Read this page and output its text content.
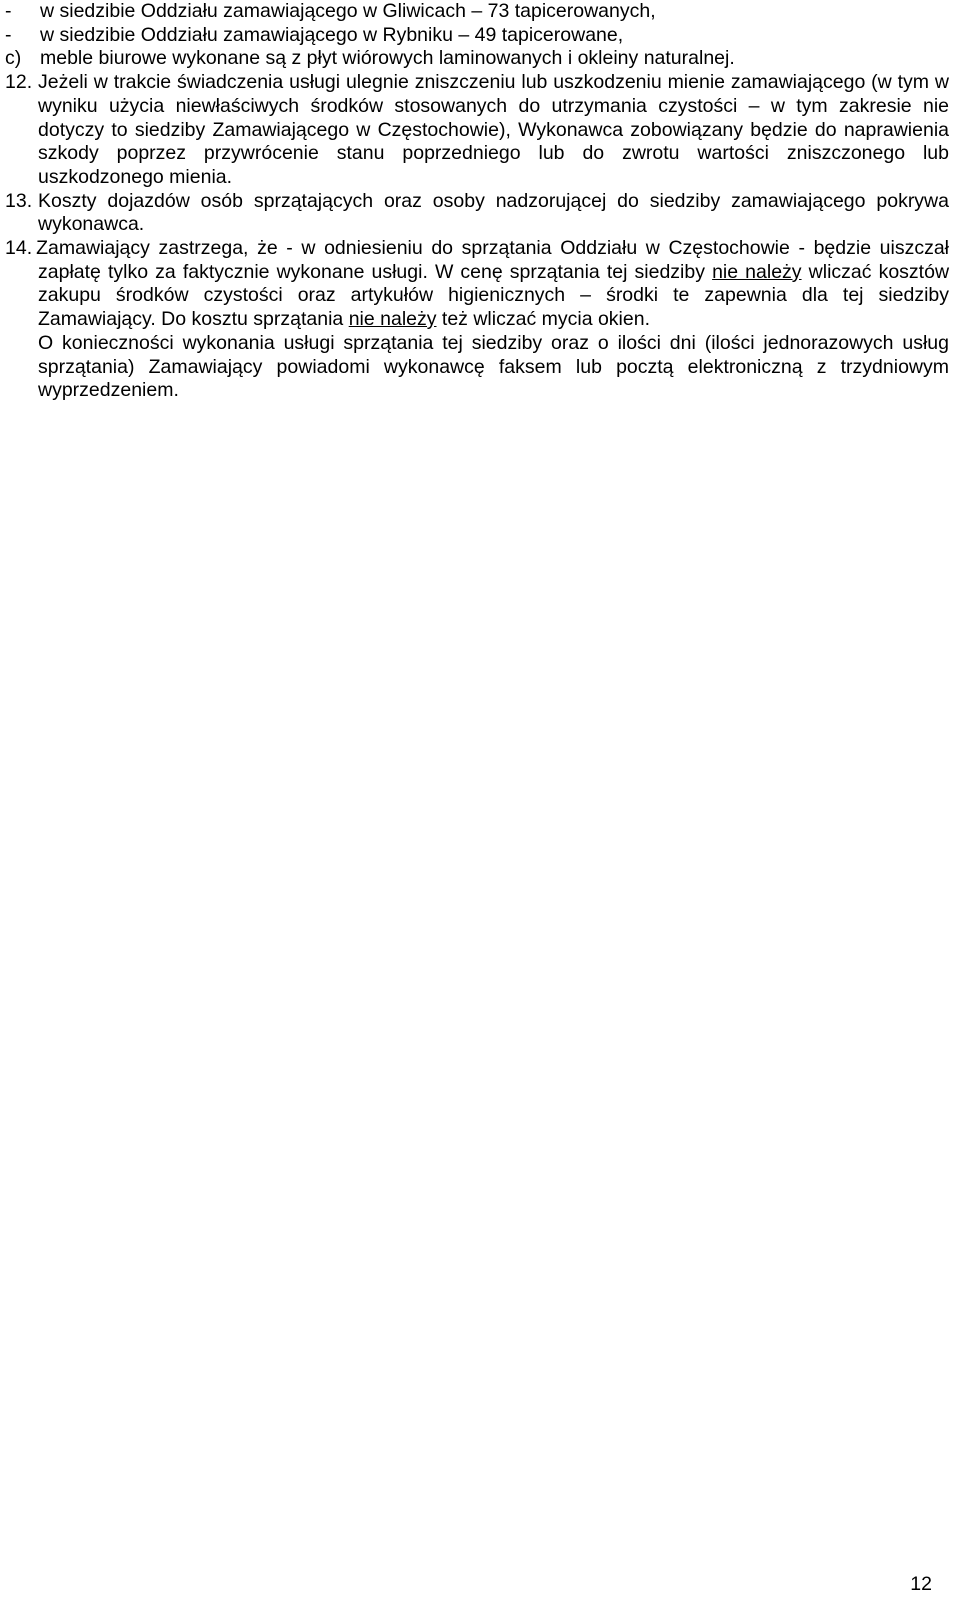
- w siedzibie Oddziału zamawiającego w Gliwicach – 73 tapicerowanych,
- w siedzibie Oddziału zamawiającego w Rybniku – 49 tapicerowane,
c) meble biurowe wykonane są z płyt wiórowych laminowanych i okleiny naturalnej.

12. Jeżeli w trakcie świadczenia usługi ulegnie zniszczeniu lub uszkodzeniu mienie zamawiającego (w tym w wyniku użycia niewłaściwych środków stosowanych do utrzymania czystości – w tym zakresie nie dotyczy to siedziby Zamawiającego w Częstochowie), Wykonawca zobowiązany będzie do naprawienia szkody poprzez przywrócenie stanu poprzedniego lub do zwrotu wartości zniszczonego lub uszkodzonego mienia.

13. Koszty dojazdów osób sprzątających oraz osoby nadzorującej do siedziby zamawiającego pokrywa wykonawca.

14. Zamawiający zastrzega, że - w odniesieniu do sprzątania Oddziału w Częstochowie - będzie uiszczał zapłatę tylko za faktycznie wykonane usługi. W cenę sprzątania tej siedziby nie należy wliczać kosztów zakupu środków czystości oraz artykułów higienicznych – środki te zapewnia dla tej siedziby Zamawiający. Do kosztu sprzątania nie należy też wliczać mycia okien.

O konieczności wykonania usługi sprzątania tej siedziby oraz o ilości dni (ilości jednorazowych usług sprzątania) Zamawiający powiadomi wykonawcę faksem lub pocztą elektroniczną z trzydniowym wyprzedzeniem.

12
